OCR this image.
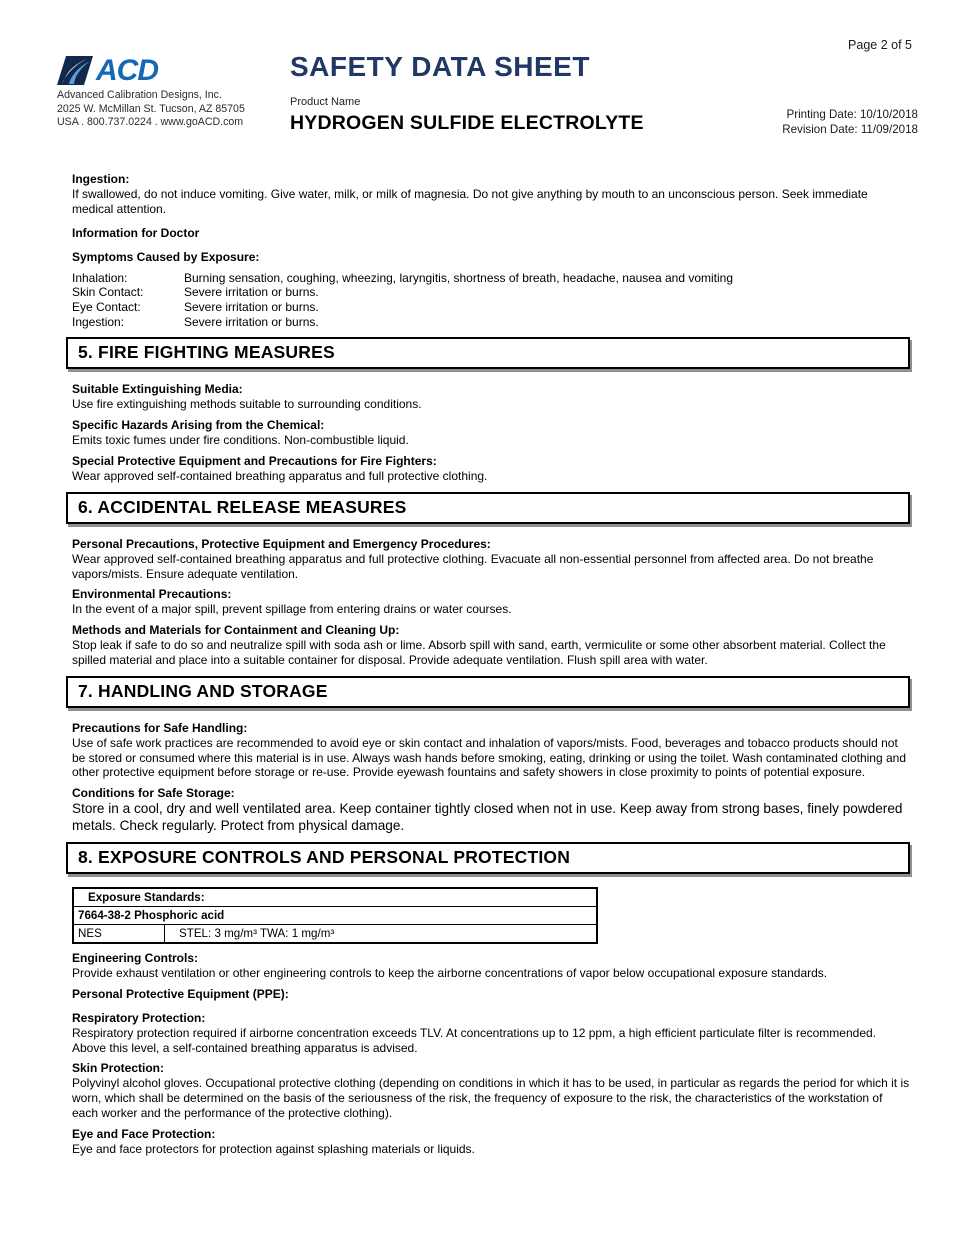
Page 2 of 5
ACD
Advanced Calibration Designs, Inc.
2025 W. McMillan St. Tucson, AZ 85705
USA . 800.737.0224 . www.goACD.com
SAFETY DATA SHEET
Product Name
HYDROGEN SULFIDE ELECTROLYTE	Printing Date: 10/10/2018
Revision Date: 11/09/2018
Ingestion:
If swallowed, do not induce vomiting. Give water, milk, or milk of magnesia. Do not give anything by mouth to an unconscious person. Seek immediate medical attention.
Information for Doctor
Symptoms Caused by Exposure:
Inhalation:	Burning sensation, coughing, wheezing, laryngitis, shortness of breath, headache, nausea and vomiting
Skin Contact:	Severe irritation or burns.
Eye Contact:	Severe irritation or burns.
Ingestion:	Severe irritation or burns.
5. FIRE FIGHTING MEASURES
Suitable Extinguishing Media:
Use fire extinguishing methods suitable to surrounding conditions.
Specific Hazards Arising from the Chemical:
Emits toxic fumes under fire conditions. Non-combustible liquid.
Special Protective Equipment and Precautions for Fire Fighters:
Wear approved self-contained breathing apparatus and full protective clothing.
6. ACCIDENTAL RELEASE MEASURES
Personal Precautions, Protective Equipment and Emergency Procedures:
Wear approved self-contained breathing apparatus and full protective clothing. Evacuate all non-essential personnel from affected area. Do not breathe vapors/mists. Ensure adequate ventilation.
Environmental Precautions:
In the event of a major spill, prevent spillage from entering drains or water courses.
Methods and Materials for Containment and Cleaning Up:
Stop leak if safe to do so and neutralize spill with soda ash or lime. Absorb spill with sand, earth, vermiculite or some other absorbent material. Collect the spilled material and place into a suitable container for disposal. Provide adequate ventilation. Flush spill area with water.
7. HANDLING AND STORAGE
Precautions for Safe Handling:
Use of safe work practices are recommended to avoid eye or skin contact and inhalation of vapors/mists. Food, beverages and tobacco products should not be stored or consumed where this material is in use. Always wash hands before smoking, eating, drinking or using the toilet. Wash contaminated clothing and other protective equipment before storage or re-use. Provide eyewash fountains and safety showers in close proximity to points of potential exposure.
Conditions for Safe Storage:
Store in a cool, dry and well ventilated area. Keep container tightly closed when not in use. Keep away from strong bases, finely powdered metals. Check regularly. Protect from physical damage.
8. EXPOSURE CONTROLS AND PERSONAL PROTECTION
Exposure Standards:
7664-38-2 Phosphoric acid
NES	STEL: 3 mg/m³ TWA: 1 mg/m³
Engineering Controls:
Provide exhaust ventilation or other engineering controls to keep the airborne concentrations of vapor below occupational exposure standards.
Personal Protective Equipment (PPE):
Respiratory Protection:
Respiratory protection required if airborne concentration exceeds TLV. At concentrations up to 12 ppm, a high efficient particulate filter is recommended. Above this level, a self-contained breathing apparatus is advised.
Skin Protection:
Polyvinyl alcohol gloves. Occupational protective clothing (depending on conditions in which it has to be used, in particular as regards the period for which it is worn, which shall be determined on the basis of the seriousness of the risk, the frequency of exposure to the risk, the characteristics of the workstation of each worker and the performance of the protective clothing).
Eye and Face Protection:
Eye and face protectors for protection against splashing materials or liquids.
